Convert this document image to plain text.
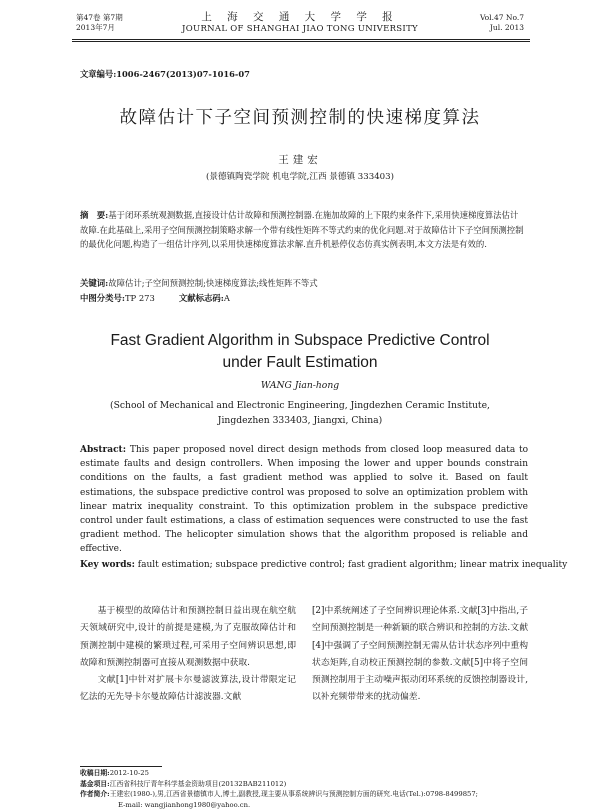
第47卷 第7期
2013年7月
上 海 交 通 大 学 学 报
JOURNAL OF SHANGHAI JIAO TONG UNIVERSITY
Vol.47 No.7
Jul. 2013
文章编号:1006-2467(2013)07-1016-07
故障估计下子空间预测控制的快速梯度算法
王建宏
(景德镇陶瓷学院 机电学院,江西 景德镇 333403)
摘　要:基于闭环系统观测数据,直接设计估计故障和预测控制器.在施加故障的上下限约束条件下,采用快速梯度算法估计故障.在此基础上,采用子空间预测控制策略求解一个带有线性矩阵不等式约束的优化问题.对于故障估计下子空间预测控制的最优化问题,构造了一组估计序列,以采用快速梯度算法求解.直升机悬停仪态仿真实例表明,本文方法是有效的.
关键词:故障估计;子空间预测控制;快速梯度算法;线性矩阵不等式
中图分类号:TP 273	文献标志码:A
Fast Gradient Algorithm in Subspace Predictive Control
under Fault Estimation
WANG Jian-hong
(School of Mechanical and Electronic Engineering, Jingdezhen Ceramic Institute,
Jingdezhen 333403, Jiangxi, China)
Abstract: This paper proposed novel direct design methods from closed loop measured data to estimate faults and design controllers. When imposing the lower and upper bounds constrain conditions on the faults, a fast gradient method was applied to solve it. Based on fault estimations, the subspace predictive control was proposed to solve an optimization problem with linear matrix inequality constraint. To this optimization problem in the subspace predictive control under fault estimations, a class of estimation sequences were constructed to use the fast gradient method. The helicopter simulation shows that the algorithm proposed is reliable and effective.
Key words: fault estimation; subspace predictive control; fast gradient algorithm; linear matrix inequality
基于模型的故障估计和预测控制日益出现在航空航天领域研究中,设计的前提是建模,为了克服故障估计和预测控制中建模的繁琐过程,可采用子空间辨识思想,即故障和预测控制器可直接从观测数据中获取.
文献[1]中针对扩展卡尔曼滤波算法,设计带限定记忆法的无先导卡尔曼故障估计滤波器.文献
[2]中系统阐述了子空间辨识理论体系.文献[3]中指出,子空间预测控制是一种新颖的联合辨识和控制的方法.文献[4]中强调了子空间预测控制无需从估计状态序列中重构状态矩阵,自动校正预测控制的参数.文献[5]中将子空间预测控制用于主动噪声振动闭环系统的反馈控制器设计,以补充频带带来的扰动偏差.
收稿日期:2012-10-25
基金项目:江西省科技厅青年科学基金资助项目(20132BAB211012)
作者简介:王建宏(1980-),男,江西省景德镇市人,博士,副教授,现主要从事系统辨识与预测控制方面的研究.电话(Tel.):0798-8499857;
E-mail: wangjianhong1980@yahoo.cn.
